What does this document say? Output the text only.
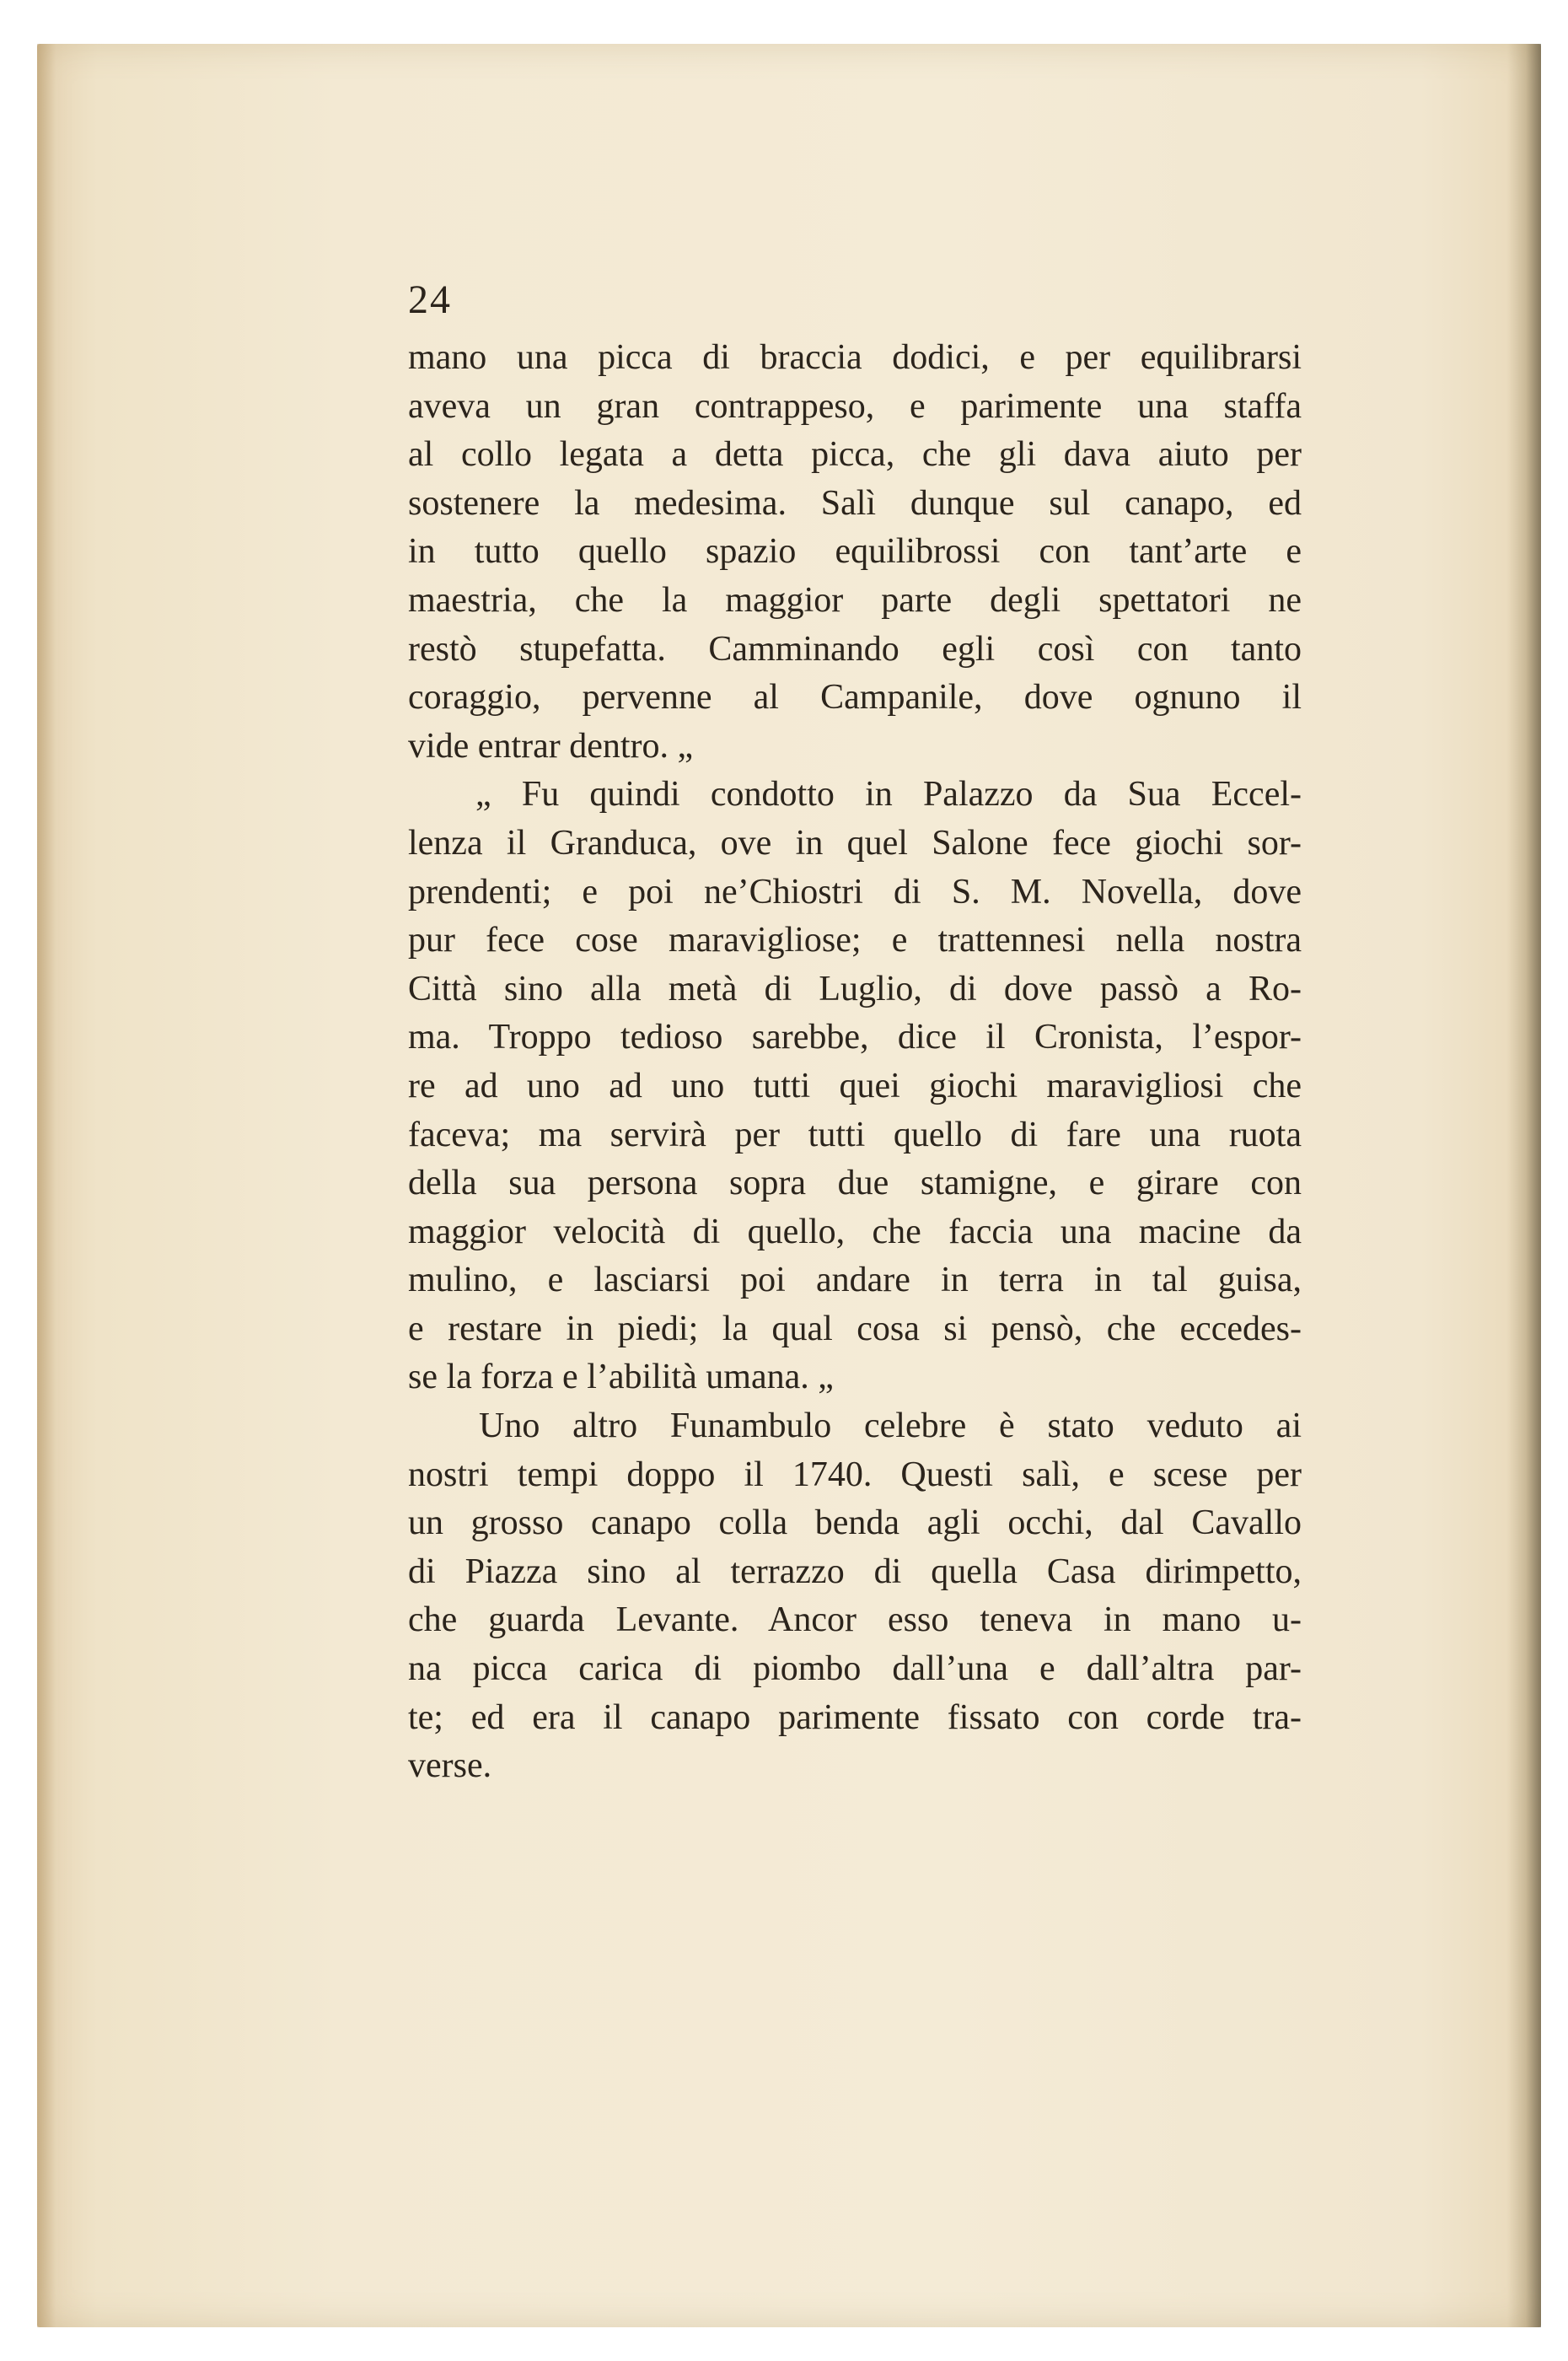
24
mano una picca di braccia dodici, e per equilibrarsi
aveva un gran contrappeso, e parimente una staffa
al collo legata a detta picca, che gli dava aiuto per
sostenere la medesima. Salì dunque sul canapo, ed
in tutto quello spazio equilibrossi con tant’arte e
maestria, che la maggior parte degli spettatori ne
restò stupefatta. Camminando egli così con tanto
coraggio, pervenne al Campanile, dove ognuno il
vide entrar dentro. „
„ Fu quindi condotto in Palazzo da Sua Eccel-
lenza il Granduca, ove in quel Salone fece giochi sor-
prendenti; e poi ne’Chiostri di S. M. Novella, dove
pur fece cose maravigliose; e trattennesi nella nostra
Città sino alla metà di Luglio, di dove passò a Ro-
ma. Troppo tedioso sarebbe, dice il Cronista, l’espor-
re ad uno ad uno tutti quei giochi maravigliosi che
faceva; ma servirà per tutti quello di fare una ruota
della sua persona sopra due stamigne, e girare con
maggior velocità di quello, che faccia una macine da
mulino, e lasciarsi poi andare in terra in tal guisa,
e restare in piedi; la qual cosa si pensò, che eccedes-
se la forza e l’abilità umana. „
Uno altro Funambulo celebre è stato veduto ai
nostri tempi doppo il 1740. Questi salì, e scese per
un grosso canapo colla benda agli occhi, dal Cavallo
di Piazza sino al terrazzo di quella Casa dirimpetto,
che guarda Levante. Ancor esso teneva in mano u-
na picca carica di piombo dall’una e dall’altra par-
te; ed era il canapo parimente fissato con corde tra-
verse.
